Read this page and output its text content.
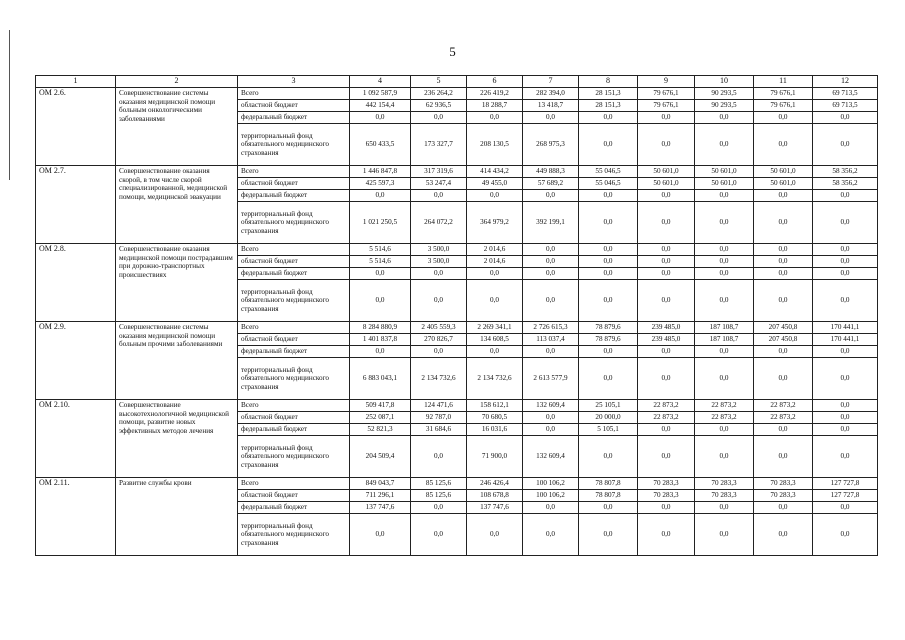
5
1	2	3	4	5	6	7	8	9	10	11	12
ОМ 2.6.	Совершенствование системы оказания медицинской помощи больным онкологическими заболеваниями	Всего	1 092 587,9	236 264,2	226 419,2	282 394,0	28 151,3	79 676,1	90 293,5	79 676,1	69 713,5
		областной бюджет	442 154,4	62 936,5	18 288,7	13 418,7	28 151,3	79 676,1	90 293,5	79 676,1	69 713,5
		федеральный бюджет	0,0	0,0	0,0	0,0	0,0	0,0	0,0	0,0	0,0
		территориальный фонд обязательного медицинского страхования	650 433,5	173 327,7	208 130,5	268 975,3	0,0	0,0	0,0	0,0	0,0
ОМ 2.7.	Совершенствование оказания скорой, в том числе скорой специализированной, медицинской помощи, медицинской эвакуации	Всего	1 446 847,8	317 319,6	414 434,2	449 888,3	55 046,5	50 601,0	50 601,0	50 601,0	58 356,2
		областной бюджет	425 597,3	53 247,4	49 455,0	57 689,2	55 046,5	50 601,0	50 601,0	50 601,0	58 356,2
		федеральный бюджет	0,0	0,0	0,0	0,0	0,0	0,0	0,0	0,0	0,0
		территориальный фонд обязательного медицинского страхования	1 021 250,5	264 072,2	364 979,2	392 199,1	0,0	0,0	0,0	0,0	0,0
ОМ 2.8.	Совершенствование оказания медицинской помощи пострадавшим при дорожно-транспортных происшествиях	Всего	5 514,6	3 500,0	2 014,6	0,0	0,0	0,0	0,0	0,0	0,0
		областной бюджет	5 514,6	3 500,0	2 014,6	0,0	0,0	0,0	0,0	0,0	0,0
		федеральный бюджет	0,0	0,0	0,0	0,0	0,0	0,0	0,0	0,0	0,0
		территориальный фонд обязательного медицинского страхования	0,0	0,0	0,0	0,0	0,0	0,0	0,0	0,0	0,0
ОМ 2.9.	Совершенствование системы оказания медицинской помощи больным прочими заболеваниями	Всего	8 284 880,9	2 405 559,3	2 269 341,1	2 726 615,3	78 879,6	239 485,0	187 108,7	207 450,8	170 441,1
		областной бюджет	1 401 837,8	270 826,7	134 608,5	113 037,4	78 879,6	239 485,0	187 108,7	207 450,8	170 441,1
		федеральный бюджет	0,0	0,0	0,0	0,0	0,0	0,0	0,0	0,0	0,0
		территориальный фонд обязательного медицинского страхования	6 883 043,1	2 134 732,6	2 134 732,6	2 613 577,9	0,0	0,0	0,0	0,0	0,0
ОМ 2.10.	Совершенствование высокотехнологичной медицинской помощи, развитие новых эффективных методов лечения	Всего	509 417,8	124 471,6	158 612,1	132 609,4	25 105,1	22 873,2	22 873,2	22 873,2	0,0
		областной бюджет	252 087,1	92 787,0	70 680,5	0,0	20 000,0	22 873,2	22 873,2	22 873,2	0,0
		федеральный бюджет	52 821,3	31 684,6	16 031,6	0,0	5 105,1	0,0	0,0	0,0	0,0
		территориальный фонд обязательного медицинского страхования	204 509,4	0,0	71 900,0	132 609,4	0,0	0,0	0,0	0,0	0,0
ОМ 2.11.	Развитие службы крови	Всего	849 043,7	85 125,6	246 426,4	100 106,2	78 807,8	70 283,3	70 283,3	70 283,3	127 727,8
		областной бюджет	711 296,1	85 125,6	108 678,8	100 106,2	78 807,8	70 283,3	70 283,3	70 283,3	127 727,8
		федеральный бюджет	137 747,6	0,0	137 747,6	0,0	0,0	0,0	0,0	0,0	0,0
		территориальный фонд обязательного медицинского страхования	0,0	0,0	0,0	0,0	0,0	0,0	0,0	0,0	0,0
